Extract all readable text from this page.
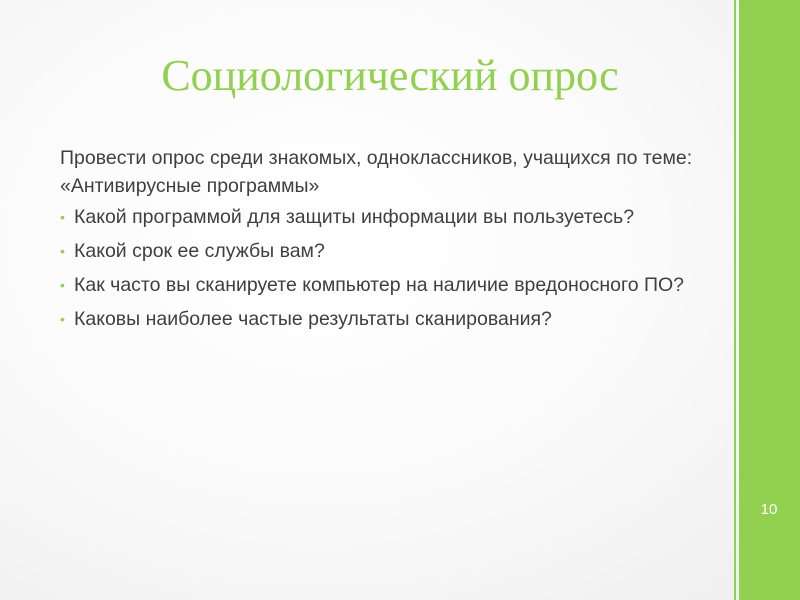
Социологический опрос

Провести опрос среди знакомых, одноклассников, учащихся по теме: «Антивирусные программы»

• Какой программой для защиты информации вы пользуетесь?
• Какой срок ее службы вам?
• Как часто вы сканируете компьютер на наличие вредоносного ПО?
• Каковы наиболее частые результаты сканирования?
10
